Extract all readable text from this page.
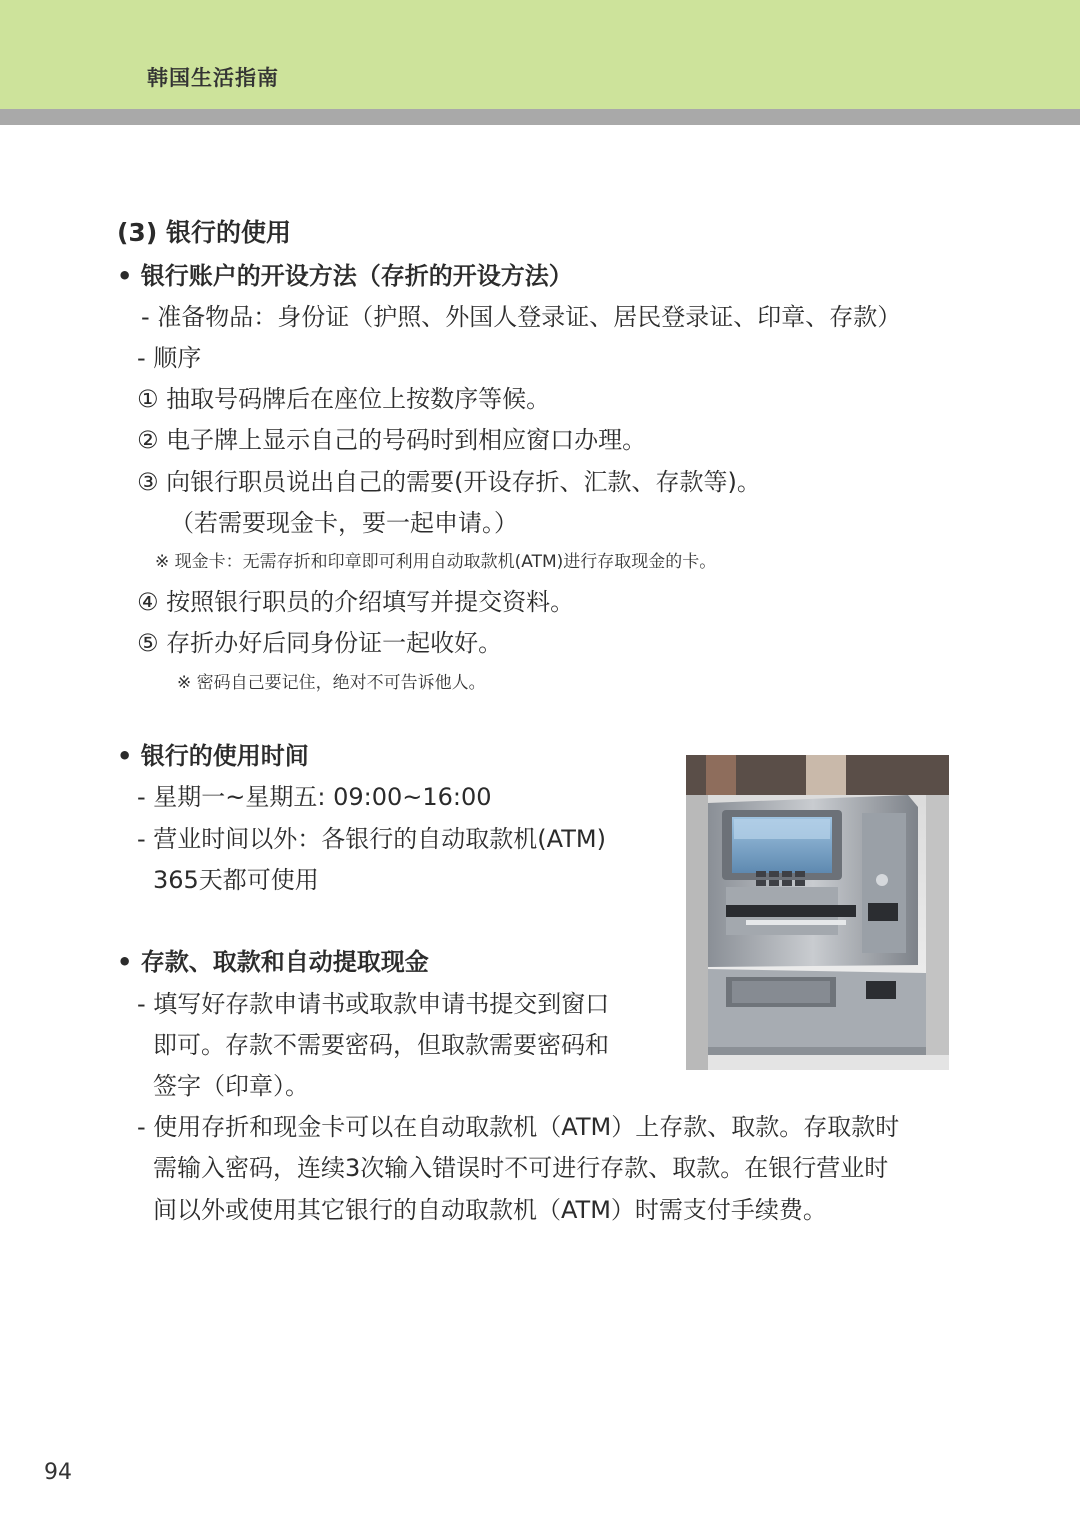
韩国生活指南
(3) 银行的使用
• 银行账户的开设方法（存折的开设方法）
- 准备物品：身份证（护照、外国人登录证、居民登录证、印章、存款）
- 顺序
① 抽取号码牌后在座位上按数序等候。
② 电子牌上显示自己的号码时到相应窗口办理。
③ 向银行职员说出自己的需要(开设存折、汇款、存款等)。
（若需要现金卡，要一起申请。）
※ 现金卡：无需存折和印章即可利用自动取款机(ATM)进行存取现金的卡。
④ 按照银行职员的介绍填写并提交资料。
⑤ 存折办好后同身份证一起收好。
※ 密码自己要记住，绝对不可告诉他人。
• 银行的使用时间
- 星期一~星期五: 09:00~16:00
- 营业时间以外：各银行的自动取款机(ATM)
365天都可使用
• 存款、取款和自动提取现金
- 填写好存款申请书或取款申请书提交到窗口
即可。存款不需要密码，但取款需要密码和
签字（印章）。
- 使用存折和现金卡可以在自动取款机（ATM）上存款、取款。存取款时
需输入密码，连续3次输入错误时不可进行存款、取款。在银行营业时
间以外或使用其它银行的自动取款机（ATM）时需支付手续费。
94
